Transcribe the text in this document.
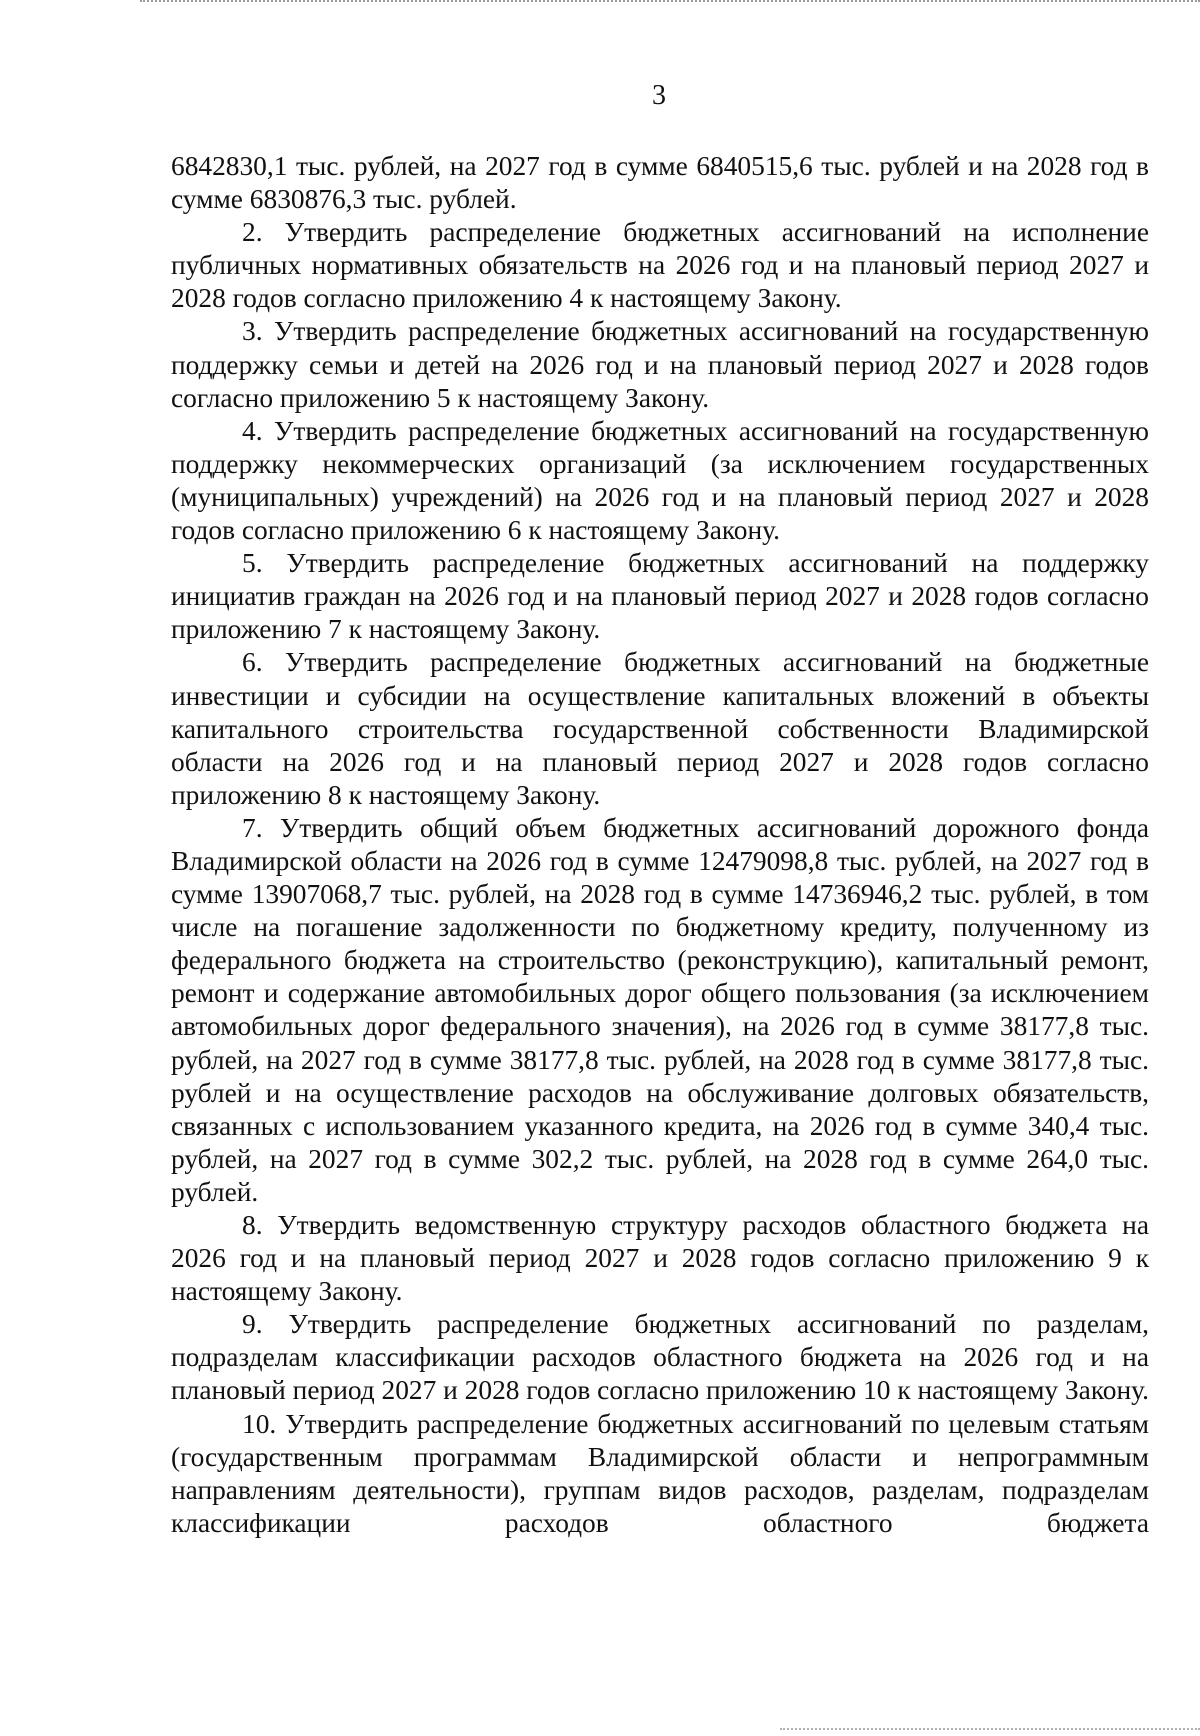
3

6842830,1 тыс. рублей, на 2027 год в сумме 6840515,6 тыс. рублей и на 2028 год в сумме 6830876,3 тыс. рублей.

2. Утвердить распределение бюджетных ассигнований на исполнение публичных нормативных обязательств на 2026 год и на плановый период 2027 и 2028 годов согласно приложению 4 к настоящему Закону.

3. Утвердить распределение бюджетных ассигнований на государственную поддержку семьи и детей на 2026 год и на плановый период 2027 и 2028 годов согласно приложению 5 к настоящему Закону.

4. Утвердить распределение бюджетных ассигнований на государственную поддержку некоммерческих организаций (за исключением государственных (муниципальных) учреждений) на 2026 год и на плановый период 2027 и 2028 годов согласно приложению 6 к настоящему Закону.

5. Утвердить распределение бюджетных ассигнований на поддержку инициатив граждан на 2026 год и на плановый период 2027 и 2028 годов согласно приложению 7 к настоящему Закону.

6. Утвердить распределение бюджетных ассигнований на бюджетные инвестиции и субсидии на осуществление капитальных вложений в объекты капитального строительства государственной собственности Владимирской области на 2026 год и на плановый период 2027 и 2028 годов согласно приложению 8 к настоящему Закону.

7. Утвердить общий объем бюджетных ассигнований дорожного фонда Владимирской области на 2026 год в сумме 12479098,8 тыс. рублей, на 2027 год в сумме 13907068,7 тыс. рублей, на 2028 год в сумме 14736946,2 тыс. рублей, в том числе на погашение задолженности по бюджетному кредиту, полученному из федерального бюджета на строительство (реконструкцию), капитальный ремонт, ремонт и содержание автомобильных дорог общего пользования (за исключением автомобильных дорог федерального значения), на 2026 год в сумме 38177,8 тыс. рублей, на 2027 год в сумме 38177,8 тыс. рублей, на 2028 год в сумме 38177,8 тыс. рублей и на осуществление расходов на обслуживание долговых обязательств, связанных с использованием указанного кредита, на 2026 год в сумме 340,4 тыс. рублей, на 2027 год в сумме 302,2 тыс. рублей, на 2028 год в сумме 264,0 тыс. рублей.

8. Утвердить ведомственную структуру расходов областного бюджета на 2026 год и на плановый период 2027 и 2028 годов согласно приложению 9 к настоящему Закону.

9. Утвердить распределение бюджетных ассигнований по разделам, подразделам классификации расходов областного бюджета на 2026 год и на плановый период 2027 и 2028 годов согласно приложению 10 к настоящему Закону.

10. Утвердить распределение бюджетных ассигнований по целевым статьям (государственным программам Владимирской области и непрограммным направлениям деятельности), группам видов расходов, разделам, подразделам классификации расходов областного бюджета
